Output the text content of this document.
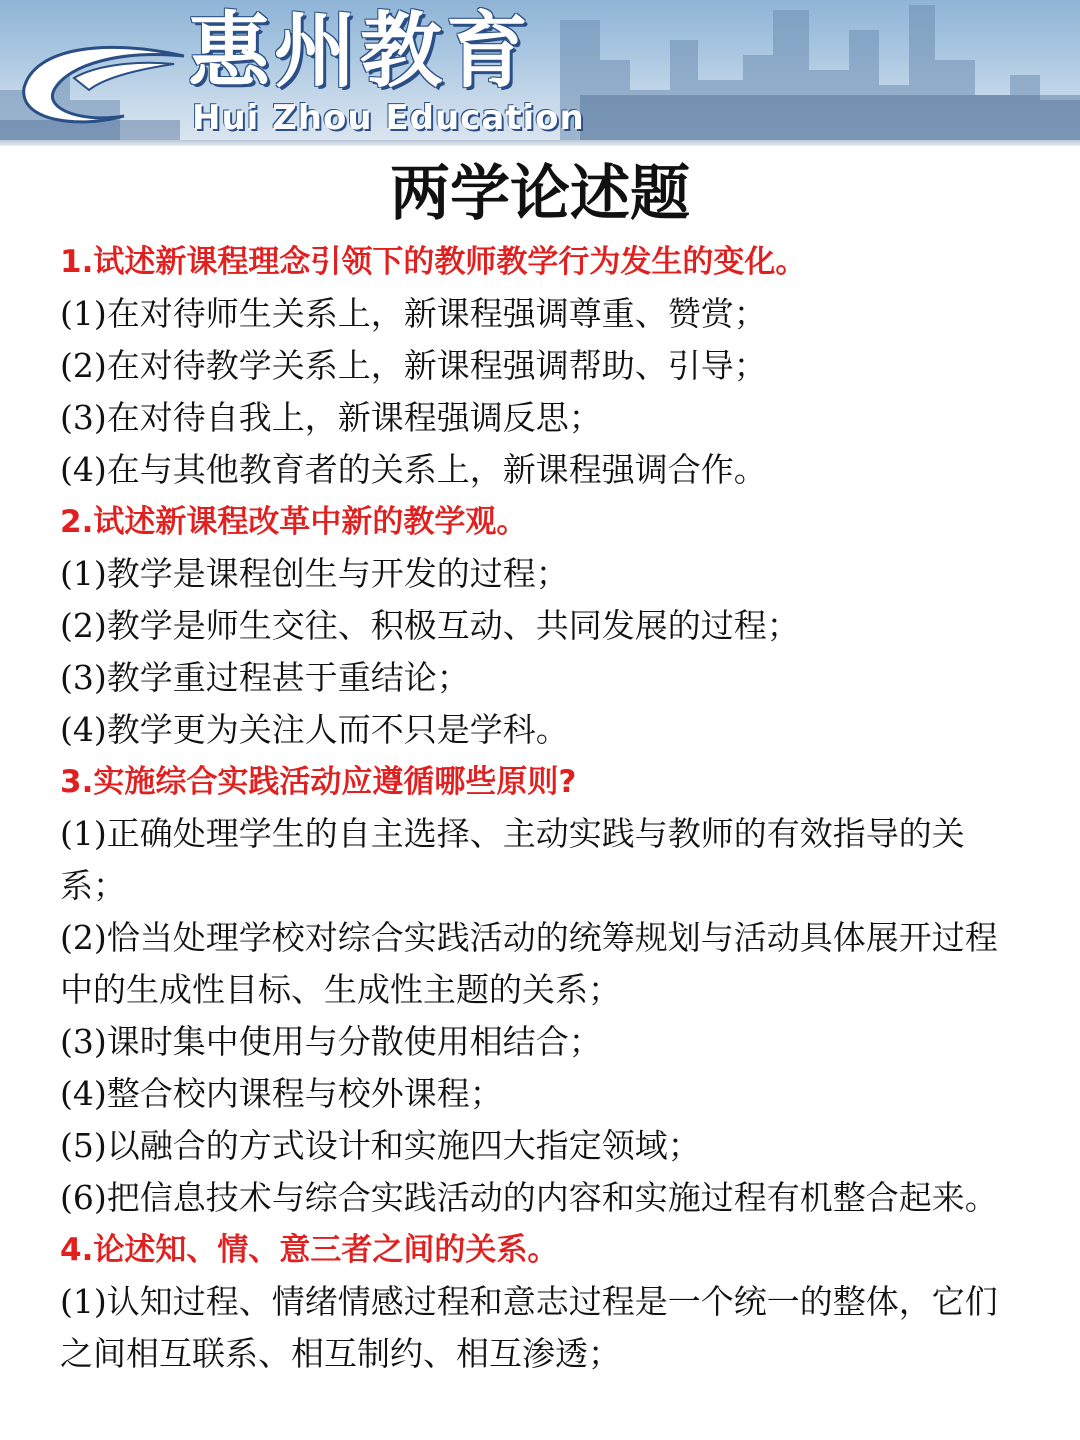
惠州教育
Hui Zhou Education
两学论述题

1.试述新课程理念引领下的教师教学行为发生的变化。

(1)在对待师生关系上，新课程强调尊重、赞赏；

(2)在对待教学关系上，新课程强调帮助、引导；

(3)在对待自我上，新课程强调反思；

(4)在与其他教育者的关系上，新课程强调合作。

2.试述新课程改革中新的教学观。

(1)教学是课程创生与开发的过程；

(2)教学是师生交往、积极互动、共同发展的过程；

(3)教学重过程甚于重结论；

(4)教学更为关注人而不只是学科。

3.实施综合实践活动应遵循哪些原则?

(1)正确处理学生的自主选择、主动实践与教师的有效指导的关系；

(2)恰当处理学校对综合实践活动的统筹规划与活动具体展开过程中的生成性目标、生成性主题的关系；

(3)课时集中使用与分散使用相结合；

(4)整合校内课程与校外课程；

(5)以融合的方式设计和实施四大指定领域；

(6)把信息技术与综合实践活动的内容和实施过程有机整合起来。

4.论述知、情、意三者之间的关系。

(1)认知过程、情绪情感过程和意志过程是一个统一的整体，它们之间相互联系、相互制约、相互渗透；
